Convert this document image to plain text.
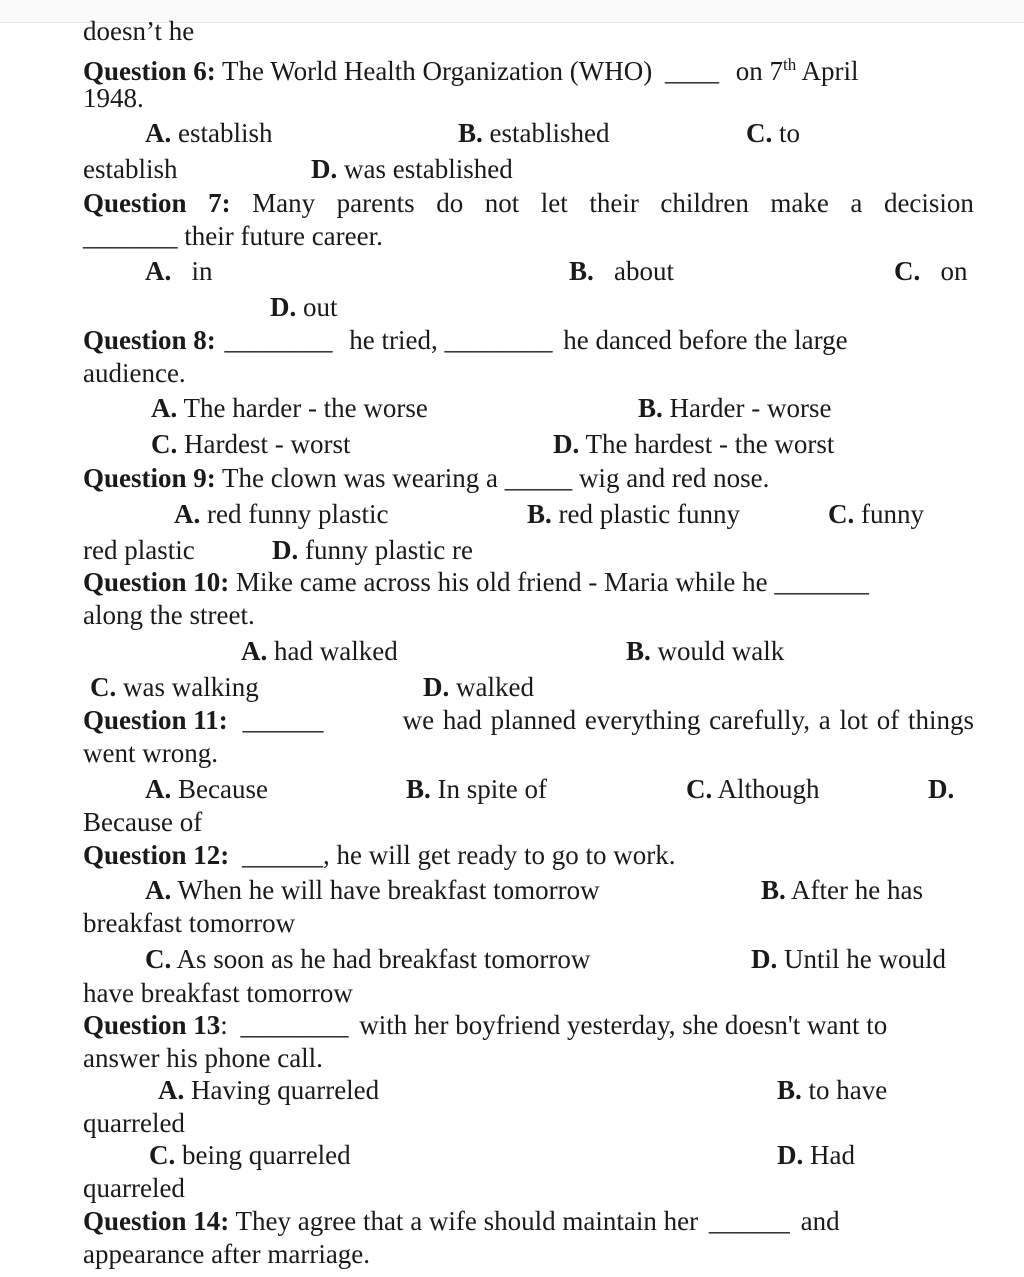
doesn’t he
Question 6: The World Health Organization (WHO) ____ on 7th April
1948.
A. establish	B. established	C. to
establish	D. was established
Question 7: Many parents do not let their children make a decision
_______ their future career.
A. in	B. about	C. on
D. out
Question 8: ________ he tried, ________ he danced before the large
audience.
A. The harder - the worse	B. Harder - worse
C. Hardest - worst	D. The hardest - the worst
Question 9: The clown was wearing a _____ wig and red nose.
A. red funny plastic	B. red plastic funny	C. funny
red plastic	D. funny plastic re
Question 10: Mike came across his old friend - Maria while he _______
along the street.
A. had walked	B. would walk
C. was walking	D. walked
Question 11: ______	we had planned everything carefully, a lot of things
went wrong.
A. Because	B. In spite of	C. Although	D.
Because of
Question 12: ______, he will get ready to go to work.
A. When he will have breakfast tomorrow	B. After he has
breakfast tomorrow
C. As soon as he had breakfast tomorrow	D. Until he would
have breakfast tomorrow
Question 13: ________ with her boyfriend yesterday, she doesn't want to
answer his phone call.
A. Having quarreled	B. to have
quarreled
C. being quarreled	D. Had
quarreled
Question 14: They agree that a wife should maintain her ______ and
appearance after marriage.
